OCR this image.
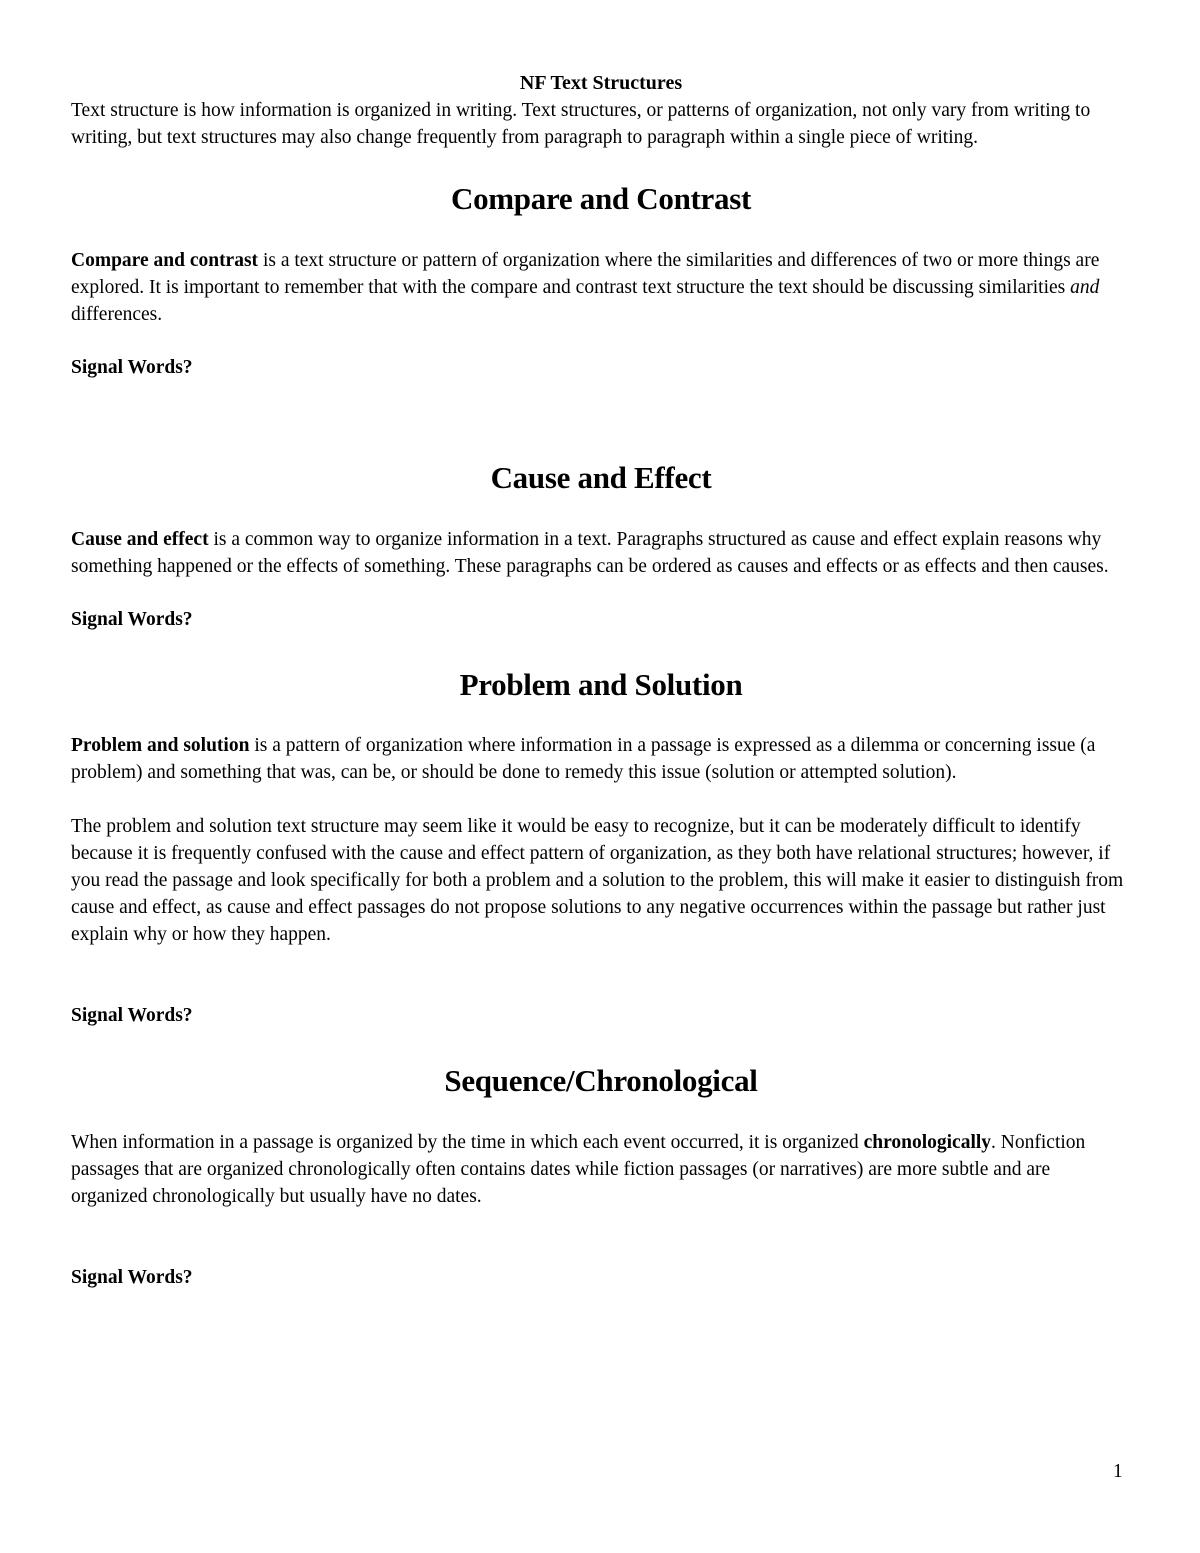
NF Text Structures

Text structure is how information is organized in writing. Text structures, or patterns of organization, not only vary from writing to writing, but text structures may also change frequently from paragraph to paragraph within a single piece of writing.

Compare and Contrast

Compare and contrast is a text structure or pattern of organization where the similarities and differences of two or more things are explored. It is important to remember that with the compare and contrast text structure the text should be discussing similarities and differences.

Signal Words?

Cause and Effect

Cause and effect is a common way to organize information in a text. Paragraphs structured as cause and effect explain reasons why something happened or the effects of something. These paragraphs can be ordered as causes and effects or as effects and then causes.

Signal Words?

Problem and Solution

Problem and solution is a pattern of organization where information in a passage is expressed as a dilemma or concerning issue (a problem) and something that was, can be, or should be done to remedy this issue (solution or attempted solution).

The problem and solution text structure may seem like it would be easy to recognize, but it can be moderately difficult to identify because it is frequently confused with the cause and effect pattern of organization, as they both have relational structures; however, if you read the passage and look specifically for both a problem and a solution to the problem, this will make it easier to distinguish from cause and effect, as cause and effect passages do not propose solutions to any negative occurrences within the passage but rather just explain why or how they happen.

Signal Words?

Sequence/Chronological

When information in a passage is organized by the time in which each event occurred, it is organized chronologically. Nonfiction passages that are organized chronologically often contains dates while fiction passages (or narratives) are more subtle and are organized chronologically but usually have no dates.

Signal Words?

1
